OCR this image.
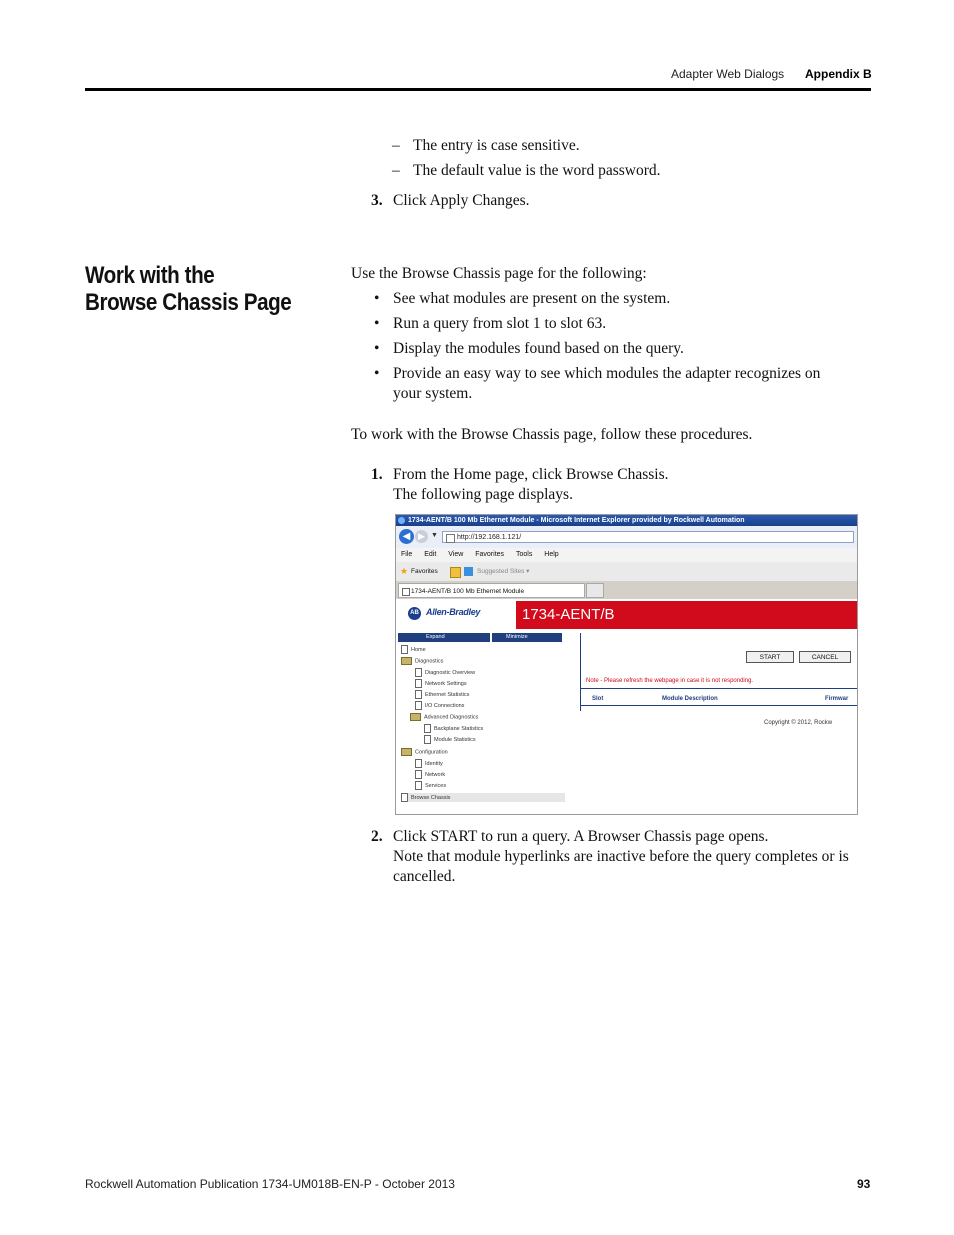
Adapter Web Dialogs Appendix B
– The entry is case sensitive.
– The default value is the word password.
3. Click Apply Changes.
Work with the Browse Chassis Page
Use the Browse Chassis page for the following:
• See what modules are present on the system.
• Run a query from slot 1 to slot 63.
• Display the modules found based on the query.
• Provide an easy way to see which modules the adapter recognizes on your system.
To work with the Browse Chassis page, follow these procedures.
1. From the Home page, click Browse Chassis.
The following page displays.
1734-AENT/B 100 Mb Ethernet Module - Microsoft Internet Explorer provided by Rockwell Automation
◀ ▶ ▼	http://192.168.1.121/
File Edit View Favorites Tools Help
★ Favorites	Suggested Sites ▾
1734-AENT/B 100 Mb Ethernet Module
AB Allen-Bradley	1734-AENT/B
Expand	Minimize
Home
Diagnostics
Diagnostic Overview
Network Settings
Ethernet Statistics
I/O Connections
Advanced Diagnostics
Backplane Statistics
Module Statistics
Configuration
Identity
Network
Services
Browse Chassis
START	CANCEL
Note - Please refresh the webpage in case it is not responding.
Slot	Module Description	Firmwar
Copyright © 2012, Rockw
2. Click START to run a query. A Browser Chassis page opens.
Note that module hyperlinks are inactive before the query completes or is cancelled.
Rockwell Automation Publication 1734-UM018B-EN-P - October 2013	93
